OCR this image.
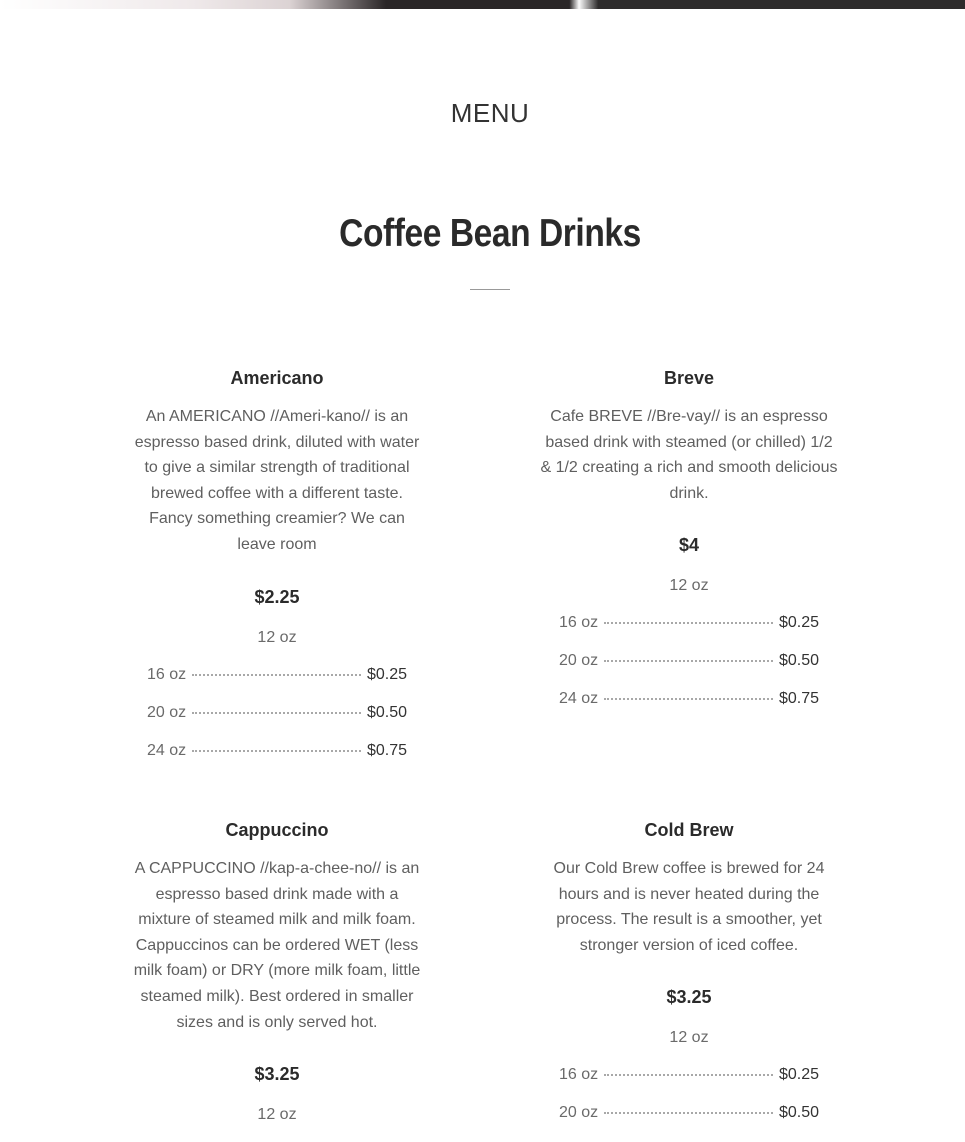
MENU
Coffee Bean Drinks
Americano
An AMERICANO //Ameri-kano// is an espresso based drink, diluted with water to give a similar strength of traditional brewed coffee with a different taste. Fancy something creamier? We can leave room
$2.25
12 oz
16 oz	$0.25
20 oz	$0.50
24 oz	$0.75
Breve
Cafe BREVE //Bre-vay// is an espresso based drink with steamed (or chilled) 1/2 & 1/2 creating a rich and smooth delicious drink.
$4
12 oz
16 oz	$0.25
20 oz	$0.50
24 oz	$0.75
Cappuccino
A CAPPUCCINO //kap-a-chee-no// is an espresso based drink made with a mixture of steamed milk and milk foam. Cappuccinos can be ordered WET (less milk foam) or DRY (more milk foam, little steamed milk). Best ordered in smaller sizes and is only served hot.
$3.25
12 oz
Cold Brew
Our Cold Brew coffee is brewed for 24 hours and is never heated during the process. The result is a smoother, yet stronger version of iced coffee.
$3.25
12 oz
16 oz	$0.25
20 oz	$0.50
